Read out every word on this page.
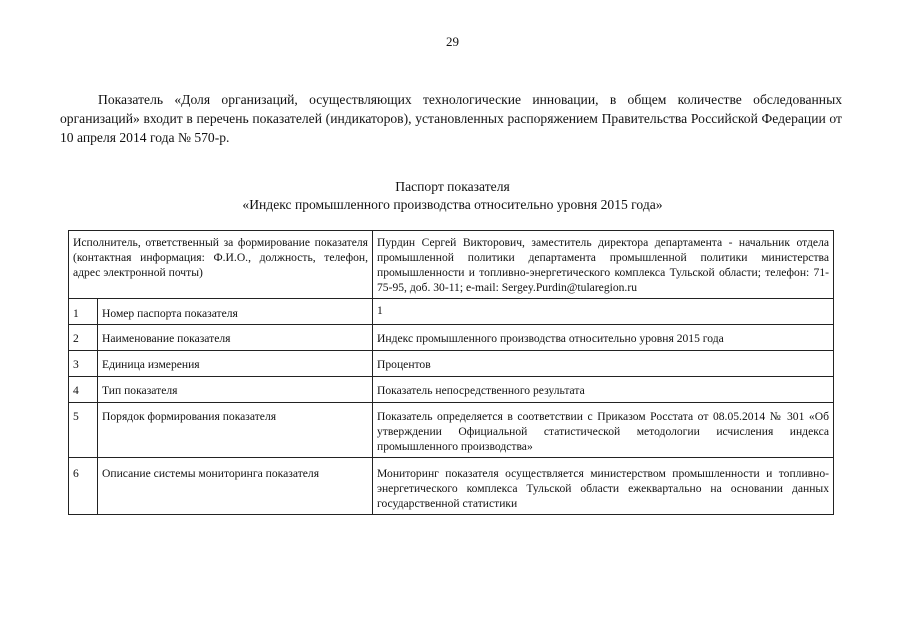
29

Показатель «Доля организаций, осуществляющих технологические инновации, в общем количестве обследованных организаций» входит в перечень показателей (индикаторов), установленных распоряжением Правительства Российской Федерации от 10 апреля 2014 года № 570-р.

Паспорт показателя
«Индекс промышленного производства относительно уровня 2015 года»
Исполнитель, ответственный за формирование показателя (контактная информация: Ф.И.О., должность, телефон, адрес электронной почты)		Пурдин Сергей Викторович, заместитель директора департамента - начальник отдела промышленной политики департамента промышленной политики министерства промышленности и топливно-энергетического комплекса Тульской области; телефон: 71-75-95, доб. 30-11; e-mail: Sergey.Purdin@tularegion.ru
1	Номер паспорта показателя	1
2	Наименование показателя	Индекс промышленного производства относительно уровня 2015 года
3	Единица измерения	Процентов
4	Тип показателя	Показатель непосредственного результата
5	Порядок формирования показателя	Показатель определяется в соответствии с Приказом Росстата от 08.05.2014 № 301 «Об утверждении Официальной статистической методологии исчисления индекса промышленного производства»
6	Описание системы мониторинга показателя	Мониторинг показателя осуществляется министерством промышленности и топливно-энергетического комплекса Тульской области ежеквартально на основании данных государственной статистики
